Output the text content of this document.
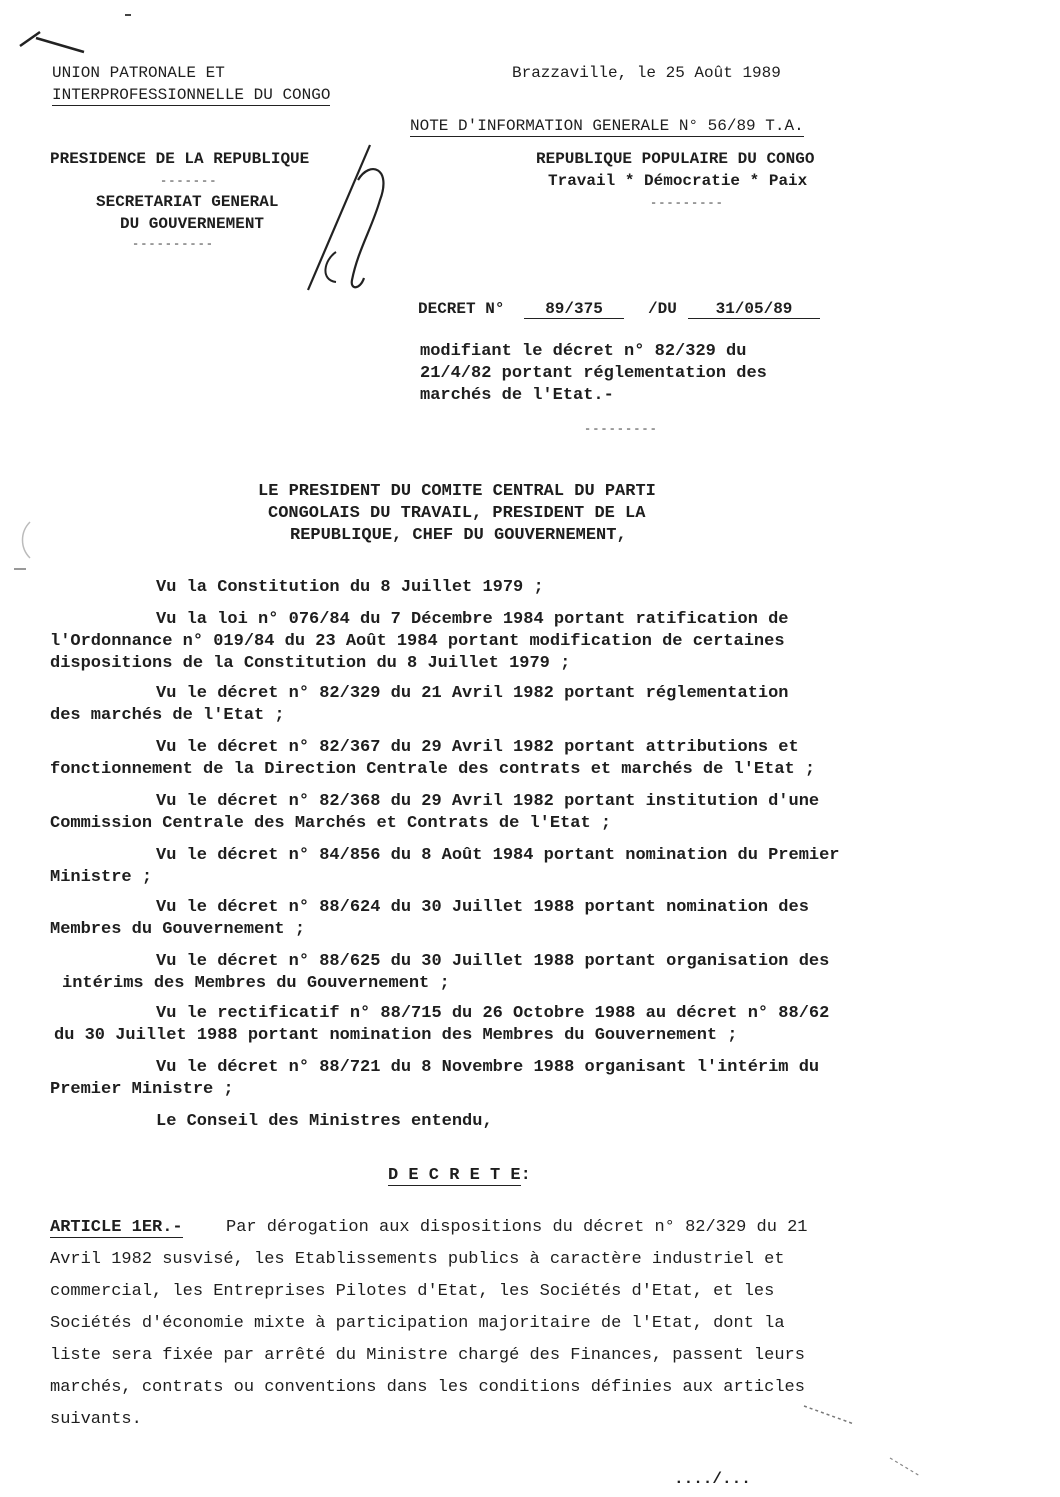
UNION PATRONALE ET
INTERPROFESSIONNELLE DU CONGO
Brazzaville, le 25 Août 1989
NOTE D'INFORMATION GENERALE N° 56/89 T.A.
PRESIDENCE DE LA REPUBLIQUE
-------
SECRETARIAT GENERAL
DU GOUVERNEMENT
----------
REPUBLIQUE POPULAIRE DU CONGO
Travail * Démocratie * Paix
---------
DECRET N°	89/375	/DU	31/05/89
modifiant le décret n° 82/329 du
21/4/82 portant réglementation des
marchés de l'Etat.-
---------
LE PRESIDENT DU COMITE CENTRAL DU PARTI
CONGOLAIS DU TRAVAIL, PRESIDENT DE LA
REPUBLIQUE, CHEF DU GOUVERNEMENT,
Vu la Constitution du 8 Juillet 1979 ;
Vu la loi n° 076/84 du 7 Décembre 1984 portant ratification de
l'Ordonnance n° 019/84 du 23 Août 1984 portant modification de certaines
dispositions de la Constitution du 8 Juillet 1979 ;
Vu le décret n° 82/329 du 21 Avril 1982 portant réglementation
des marchés de l'Etat ;
Vu le décret n° 82/367 du 29 Avril 1982 portant attributions et
fonctionnement de la Direction Centrale des contrats et marchés de l'Etat ;
Vu le décret n° 82/368 du 29 Avril 1982 portant institution d'une
Commission Centrale des Marchés et Contrats de l'Etat ;
Vu le décret n° 84/856 du 8 Août 1984 portant nomination du Premier
Ministre ;
Vu le décret n° 88/624 du 30 Juillet 1988 portant nomination des
Membres du Gouvernement ;
Vu le décret n° 88/625 du 30 Juillet 1988 portant organisation des
intérims des Membres du Gouvernement ;
Vu le rectificatif n° 88/715 du 26 Octobre 1988 au décret n° 88/62
du 30 Juillet 1988 portant nomination des Membres du Gouvernement ;
Vu le décret n° 88/721 du 8 Novembre 1988 organisant l'intérim du
Premier Ministre ;
Le Conseil des Ministres entendu,
D E C R E T E:
ARTICLE 1ER.-	Par dérogation aux dispositions du décret n° 82/329 du 21
Avril 1982 susvisé, les Etablissements publics à caractère industriel et
commercial, les Entreprises Pilotes d'Etat, les Sociétés d'Etat, et les
Sociétés d'économie mixte à participation majoritaire de l'Etat, dont la
liste sera fixée par arrêté du Ministre chargé des Finances, passent leurs
marchés, contrats ou conventions dans les conditions définies aux articles
suivants.
..../...
